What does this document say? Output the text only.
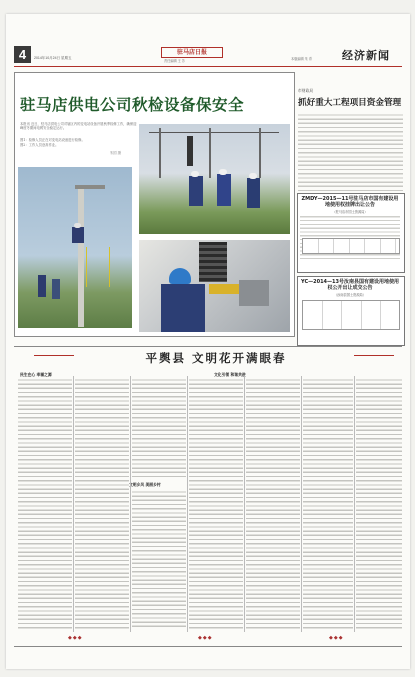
4	2014年10月24日 星期五
驻马店日报
责任编辑 王 芳	本版编辑 朱 青	经济新闻
驻马店供电公司秋检设备保安全
本报讯 近日，驻马店供电公司对辖区内的变电站设备开展秋季检修工作，确保迎峰度冬期间电网安全稳定运行。
图1：检修人员正在对变电站设备进行检修。
图2：工作人员登高作业。
朱国 摄
市财政局
抓好重大工程项目资金管理
ZMDY—2015—11号驻马店市国有建设用地使用权挂牌出让公告
（驻马店市国土资源局）
YC—2014—13号汝南县国有建设用地使用权公开出让成交公告
（汝南县国土资源局）
平舆县 文明花开满眼春
民生在心 幸福之源
文明乡风 美丽乡村
文化引领 和谐共进
◆◆◆	◆◆◆	◆◆◆
